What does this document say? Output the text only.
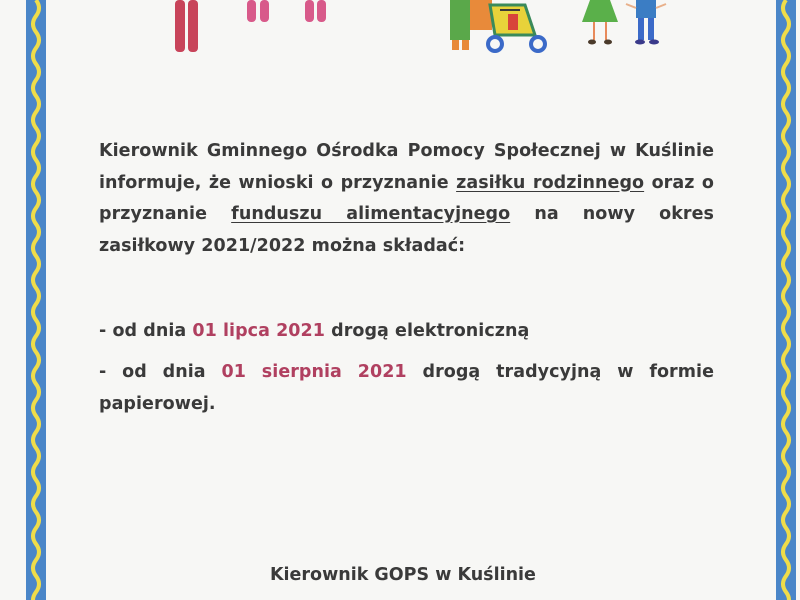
Kierownik Gminnego Ośrodka Pomocy Społecznej w Kuślinie informuje, że wnioski o przyznanie zasiłku rodzinnego oraz o przyznanie funduszu alimentacyjnego na nowy okres zasiłkowy 2021/2022 można składać:

- od dnia 01 lipca 2021 drogą elektroniczną

- od dnia 01 sierpnia 2021 drogą tradycyjną w formie papierowej.

Kierownik GOPS w Kuślinie
